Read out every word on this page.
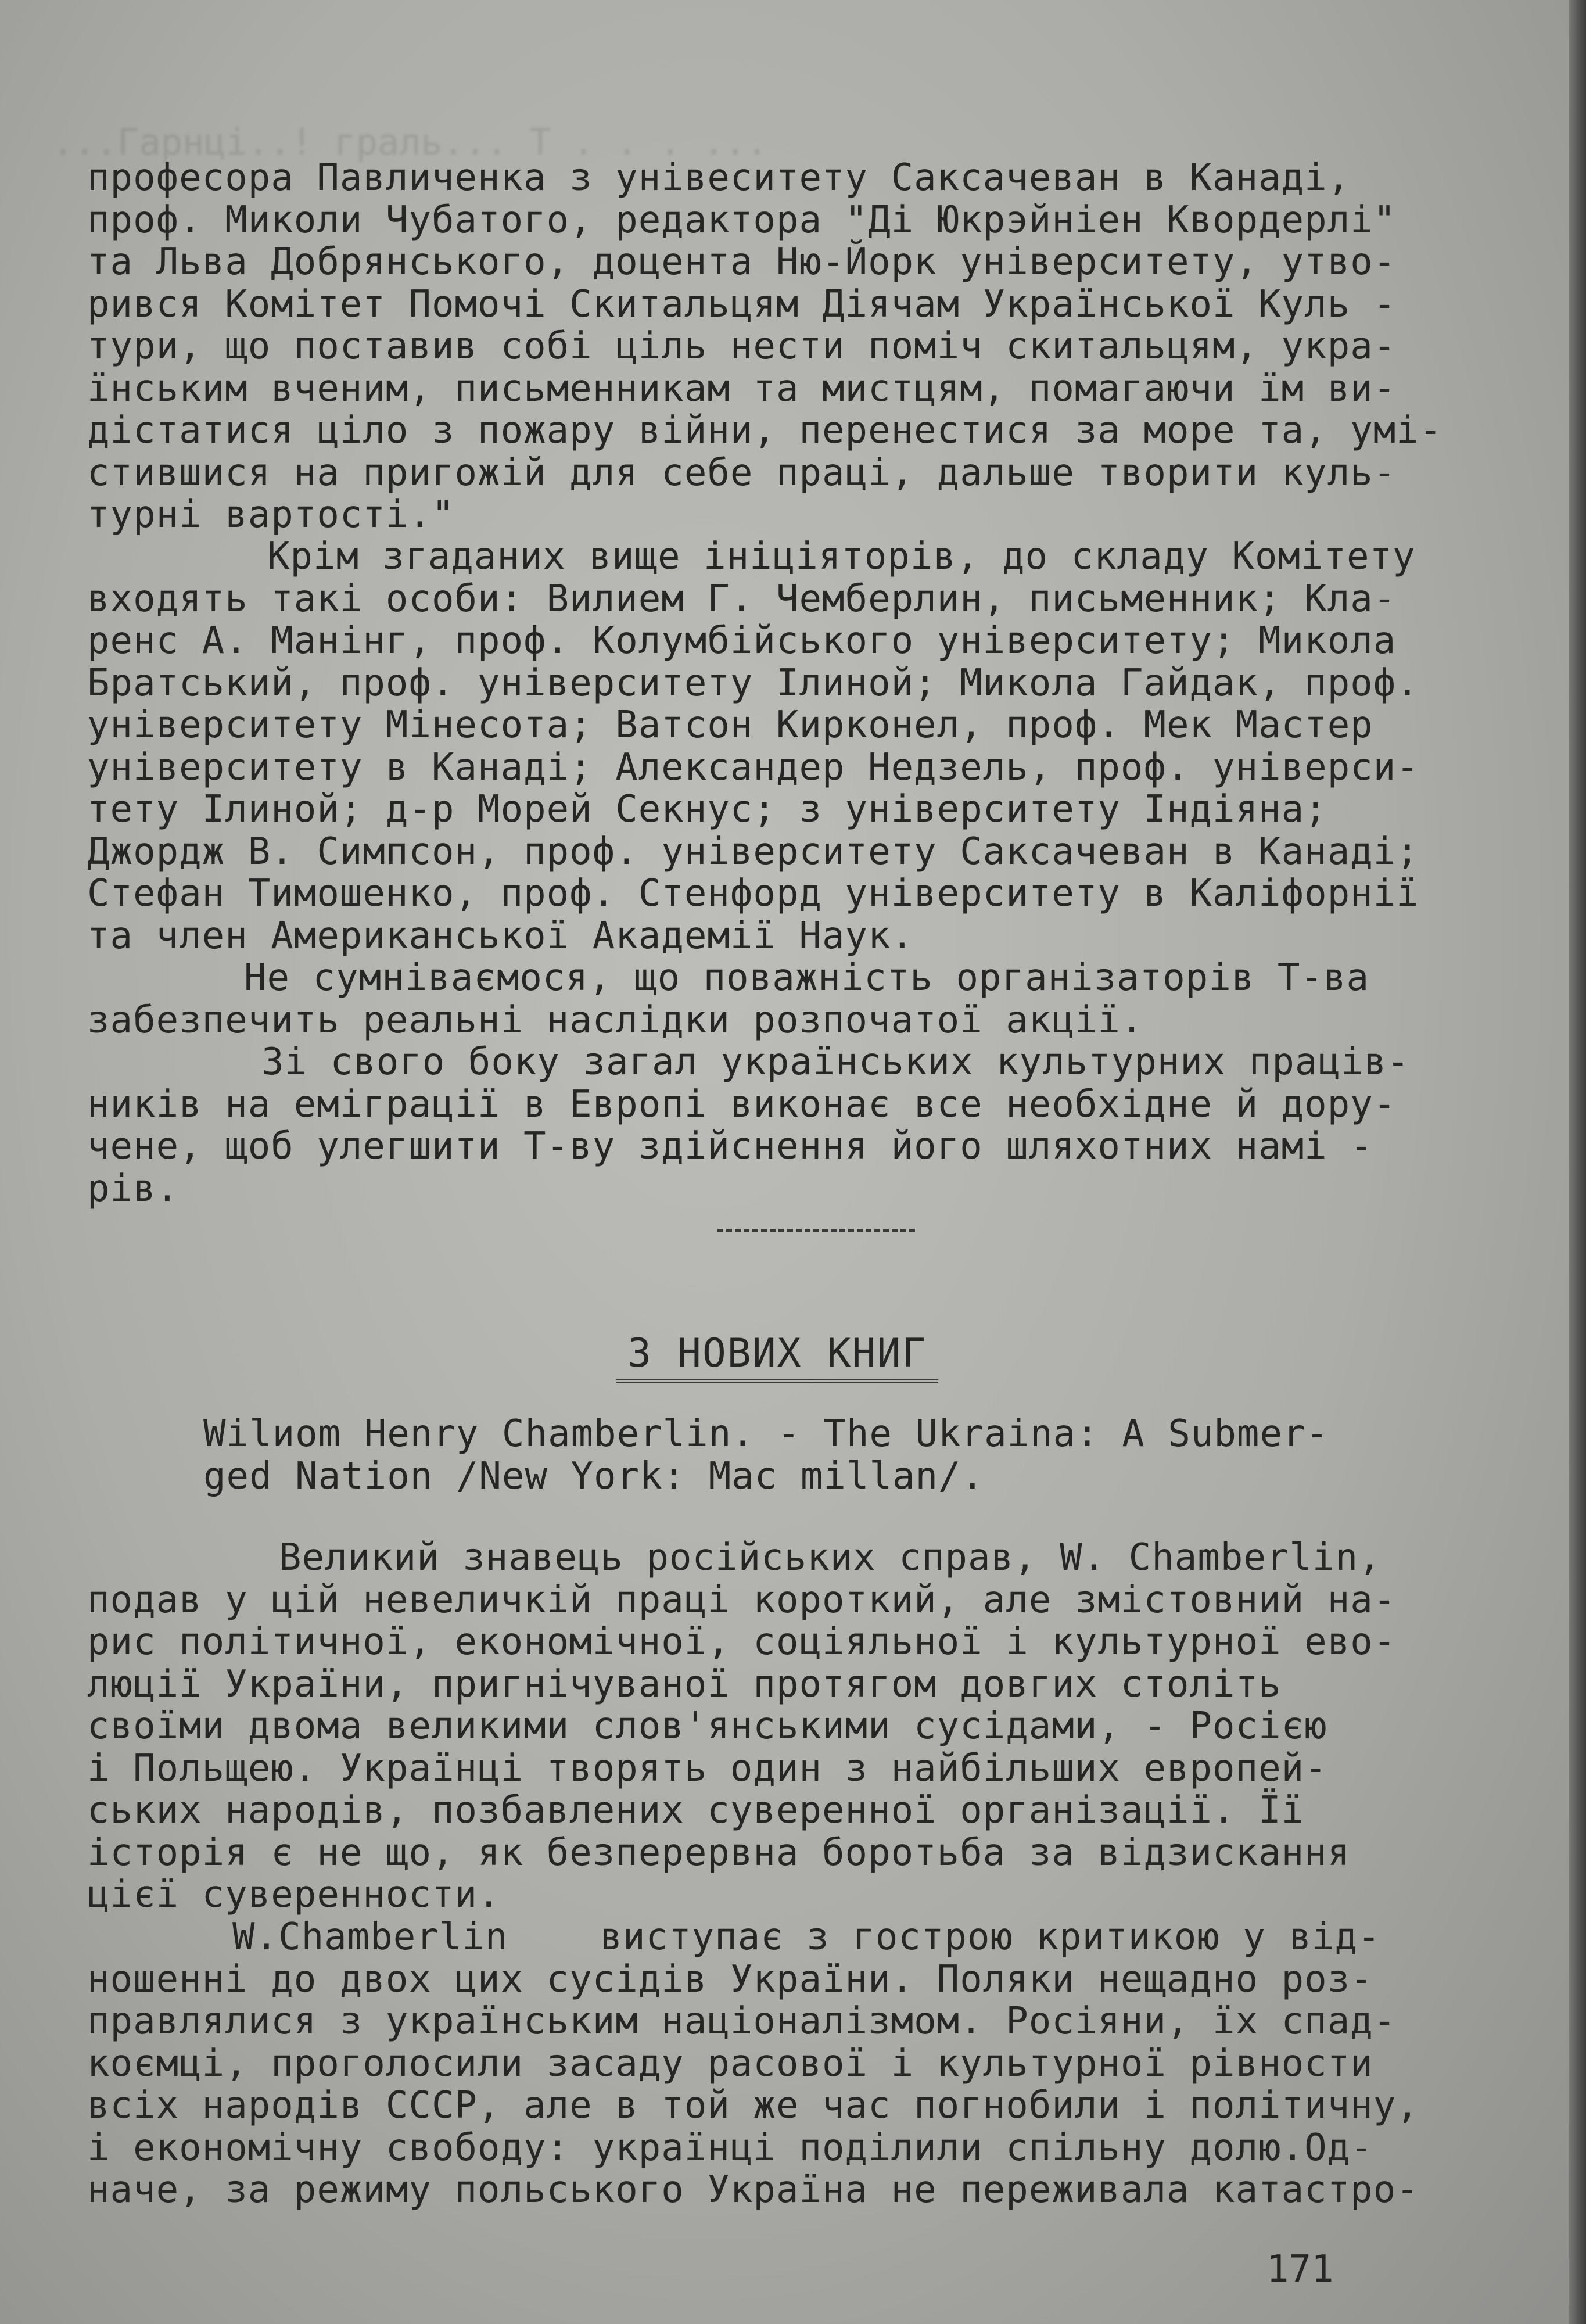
...Гарнці..! граль... Т . . . ...

професора Павличенка з унівеситету Саксачеван в Канаді,
проф. Миколи Чубатого, редактора "Ді Юкрэйніен Квордерлі"
та Льва Добрянського, доцента Ню-Йорк університету, утво-
рився Комітет Помочі Скитальцям Діячам Української Куль -
тури, що поставив собі ціль нести поміч скитальцям, укра-
їнським вченим, письменникам та мистцям, помагаючи їм ви-
дістатися ціло з пожару війни, перенестися за море та, умі-
стившися на пригожій для себе праці, дальше творити куль-
турні вартості."
Крім згаданих вище ініціяторів, до складу Комітету
входять такі особи: Вилием Г. Чемберлин, письменник; Кла-
ренс А. Манінг, проф. Колумбійського університету; Микола
Братський, проф. університету Ілиной; Микола Гайдак, проф.
університету Мінесота; Ватсон Кирконел, проф. Мек Мастер
університету в Канаді; Александер Недзель, проф. універси-
тету Ілиной; д-р Морей Секнус; з університету Індіяна;
Джордж В. Симпсон, проф. університету Саксачеван в Канаді;
Стефан Тимошенко, проф. Стенфорд університету в Каліфорнії
та член Американської Академії Наук.
Не сумніваємося, що поважність організаторів Т-ва
забезпечить реальні наслідки розпочатої акції.
Зі свого боку загал українських культурних праців-
ників на еміграції в Европі виконає все необхідне й дору-
чене, щоб улегшити Т-ву здійснення його шляхотних намі -
рів.
З НОВИХ КНИГ
Wilиom Henry Chamberlin. - The Ukraina: A Submer-
ged Nation /New York: Mac millan/.
Великий знавець російських справ, W. Chamberlin,
подав у цій невеличкій праці короткий, але змістовний на-
рис політичної, економічної, соціяльної і культурної ево-
люції України, пригнічуваної протягом довгих століть
своїми двома великими слов'янськими сусідами, - Росією
і Польщею. Українці творять один з найбільших европей-
ських народів, позбавлених суверенної організації. Її
історія є не що, як безперервна боротьба за відзискання
цієї суверенности.
W.Chamberlin    виступає з гострою критикою у від-
ношенні до двох цих сусідів України. Поляки нещадно роз-
правлялися з українським націоналізмом. Росіяни, їх спад-
коємці, проголосили засаду расової і культурної рівности
всіх народів СССР, але в той же час погнобили і політичну,
і економічну свободу: українці поділили спільну долю.Од-
наче, за режиму польського Україна не переживала катастро-
171
